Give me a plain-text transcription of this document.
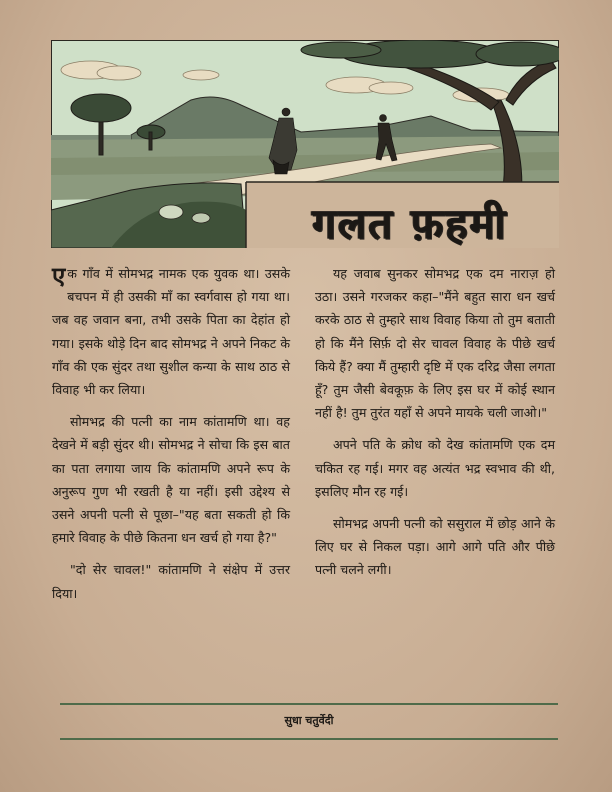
गलत फ़हमी

एक गाँव में सोमभद्र नामक एक युवक था। उसके बचपन में ही उसकी माँ का स्वर्गवास हो गया था। जब वह जवान बना, तभी उसके पिता का देहांत हो गया। इसके थोड़े दिन बाद सोमभद्र ने अपने निकट के गाँव की एक सुंदर तथा सुशील कन्या के साथ ठाठ से विवाह भी कर लिया।

सोमभद्र की पत्नी का नाम कांतामणि था। वह देखने में बड़ी सुंदर थी। सोमभद्र ने सोचा कि इस बात का पता लगाया जाय कि कांतामणि अपने रूप के अनुरूप गुण भी रखती है या नहीं। इसी उद्देश्य से उसने अपनी पत्नी से पूछा–"यह बता सकती हो कि हमारे विवाह के पीछे कितना धन खर्च हो गया है?"

"दो सेर चावल!" कांतामणि ने संक्षेप में उत्तर दिया।

यह जवाब सुनकर सोमभद्र एक दम नाराज़ हो उठा। उसने गरजकर कहा–"मैंने बहुत सारा धन खर्च करके ठाठ से तुम्हारे साथ विवाह किया तो तुम बताती हो कि मैंने सिर्फ़ दो सेर चावल विवाह के पीछे खर्च किये हैं? क्या मैं तुम्हारी दृष्टि में एक दरिद्र जैसा लगता हूँ? तुम जैसी बेवकूफ़ के लिए इस घर में कोई स्थान नहीं है! तुम तुरंत यहाँ से अपने मायके चली जाओ।"

अपने पति के क्रोध को देख कांतामणि एक दम चकित रह गई। मगर वह अत्यंत भद्र स्वभाव की थी, इसलिए मौन रह गई।

सोमभद्र अपनी पत्नी को ससुराल में छोड़ आने के लिए घर से निकल पड़ा। आगे आगे पति और पीछे पत्नी चलने लगी।

सुधा चतुर्वेदी
